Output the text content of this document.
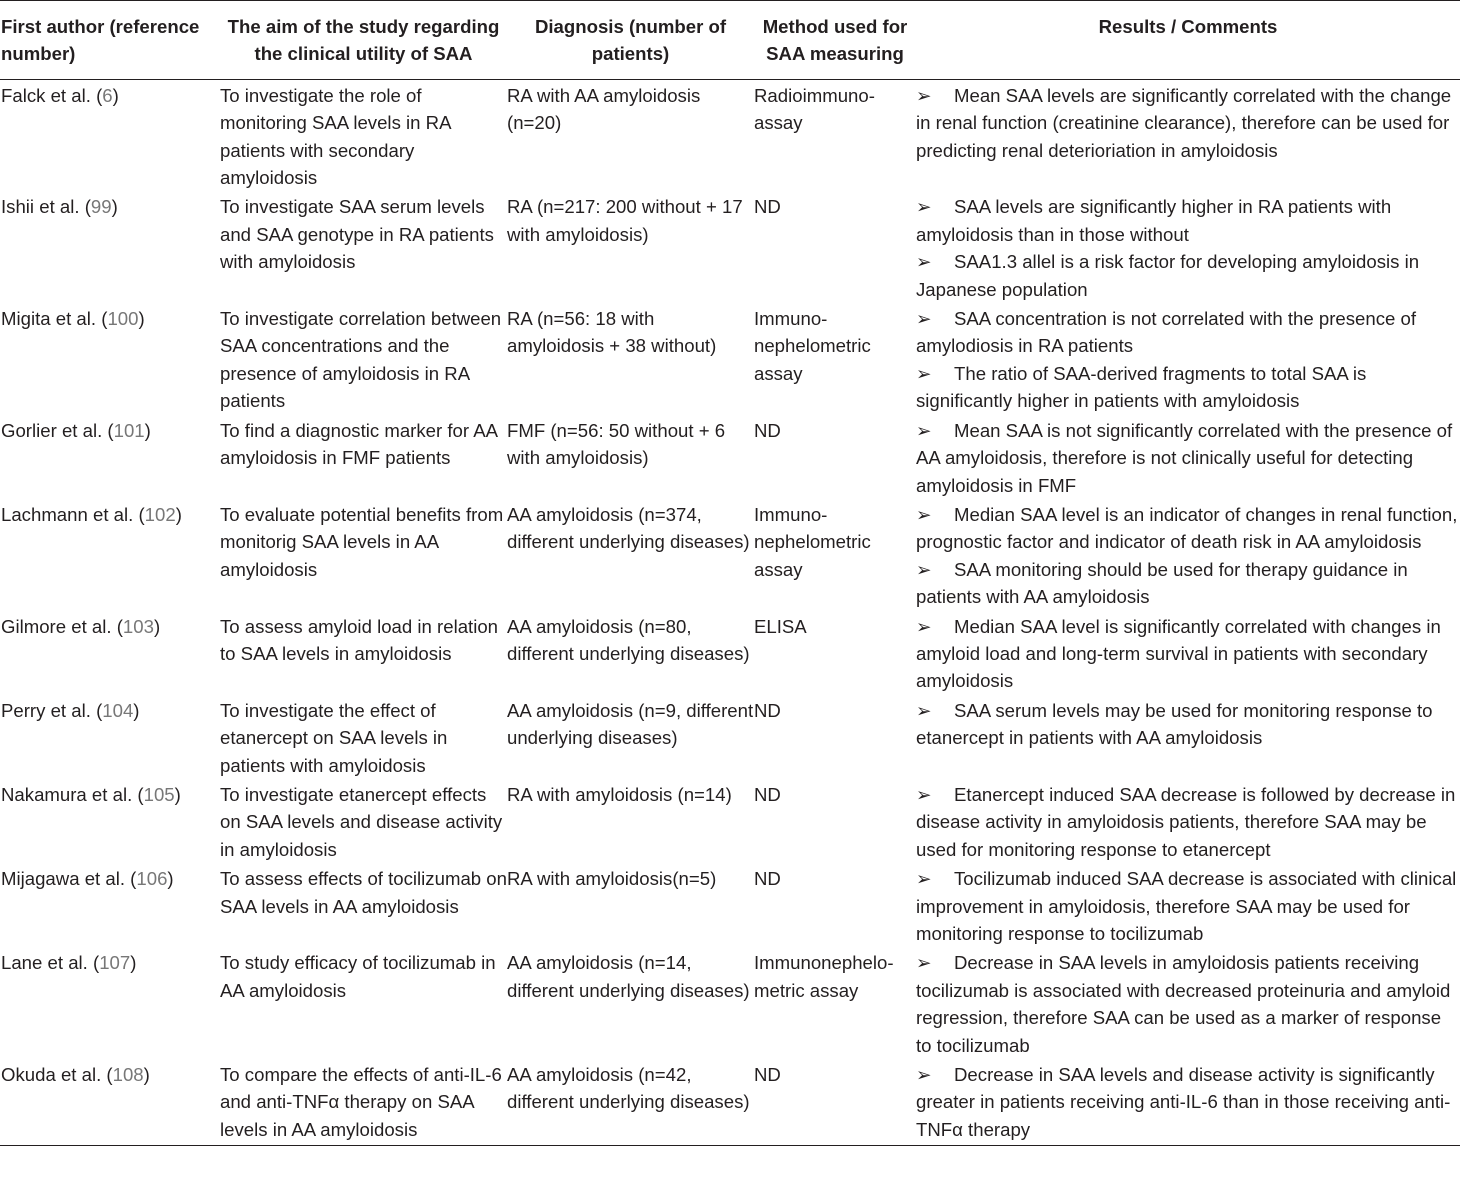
First author (reference number)	The aim of the study regarding the clinical utility of SAA	Diagnosis (number of patients)	Method used for SAA measuring	Results / Comments
Falck et al. (6)	To investigate the role of monitoring SAA levels in RA patients with secondary amyloidosis	RA with AA amyloidosis (n=20)	Radioimmuno-assay	➢ Mean SAA levels are significantly correlated with the change in renal function (creatinine clearance), therefore can be used for predicting renal deterioriation in amyloidosis

Ishii et al. (99)	To investigate SAA serum levels and SAA genotype in RA patients with amyloidosis	RA (n=217: 200 without + 17 with amyloidosis)	ND	➢ SAA levels are significantly higher in RA patients with amyloidosis than in those without
➢ SAA1.3 allel is a risk factor for developing amyloidosis in Japanese population

Migita et al. (100)	To investigate correlation between SAA concentrations and the presence of amyloidosis in RA patients	RA (n=56: 18 with amyloidosis + 38 without)	Immuno-nephelometric assay	➢ SAA concentration is not correlated with the presence of amylodiosis in RA patients
➢ The ratio of SAA-derived fragments to total SAA is significantly higher in patients with amyloidosis

Gorlier et al. (101)	To find a diagnostic marker for AA amyloidosis in FMF patients	FMF (n=56: 50 without + 6 with amyloidosis)	ND	➢ Mean SAA is not significantly correlated with the presence of AA amyloidosis, therefore is not clinically useful for detecting amyloidosis in FMF

Lachmann et al. (102)	To evaluate potential benefits from monitorig SAA levels in AA amyloidosis	AA amyloidosis (n=374, different underlying diseases)	Immuno-nephelometric assay	➢ Median SAA level is an indicator of changes in renal function, prognostic factor and indicator of death risk in AA amyloidosis
➢ SAA monitoring should be used for therapy guidance in patients with AA amyloidosis

Gilmore et al. (103)	To assess amyloid load in relation to SAA levels in amyloidosis	AA amyloidosis (n=80, different underlying diseases)	ELISA	➢ Median SAA level is significantly correlated with changes in amyloid load and long-term survival in patients with secondary amyloidosis

Perry et al. (104)	To investigate the effect of etanercept on SAA levels in patients with amyloidosis	AA amyloidosis (n=9, different underlying diseases)	ND	➢ SAA serum levels may be used for monitoring response to etanercept in patients with AA amyloidosis

Nakamura et al. (105)	To investigate etanercept effects on SAA levels and disease activity in amyloidosis	RA with amyloidosis (n=14)	ND	➢ Etanercept induced SAA decrease is followed by decrease in disease activity in amyloidosis patients, therefore SAA may be used for monitoring response to etanercept

Mijagawa et al. (106)	To assess effects of tocilizumab on SAA levels in AA amyloidosis	RA with amyloidosis(n=5)	ND	➢ Tocilizumab induced SAA decrease is associated with clinical improvement in amyloidosis, therefore SAA may be used for monitoring response to tocilizumab

Lane et al. (107)	To study efficacy of tocilizumab in AA amyloidosis	AA amyloidosis (n=14, different underlying diseases)	Immunonephelo-metric assay	➢ Decrease in SAA levels in amyloidosis patients receiving tocilizumab is associated with decreased proteinuria and amyloid regression, therefore SAA can be used as a marker of response to tocilizumab

Okuda et al. (108)	To compare the effects of anti-IL-6 and anti-TNFα therapy on SAA levels in AA amyloidosis	AA amyloidosis (n=42, different underlying diseases)	ND	➢ Decrease in SAA levels and disease activity is significantly greater in patients receiving anti-IL-6 than in those receiving anti-TNFα therapy
